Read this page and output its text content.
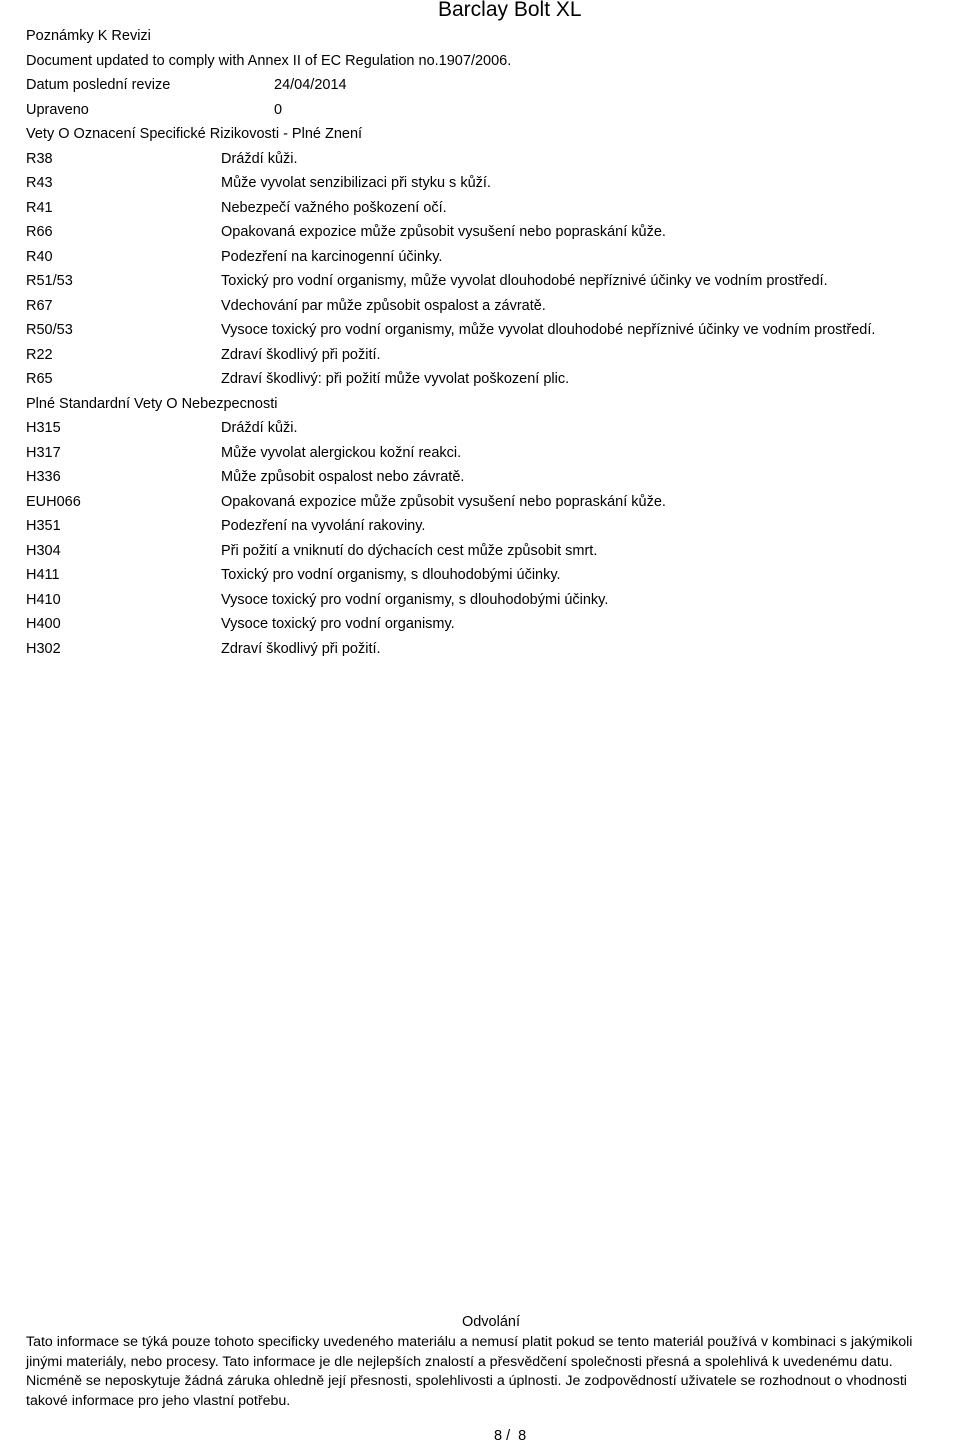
Barclay Bolt XL
Poznámky K Revizi
Document updated to comply with Annex II of EC Regulation no.1907/2006.
Datum poslední revize	24/04/2014
Upraveno	0
Vety O Oznacení Specifické Rizikovosti - Plné Znení
R38	Dráždí kůži.
R43	Může vyvolat senzibilizaci při styku s kůží.
R41	Nebezpečí važného poškození očí.
R66	Opakovaná expozice může způsobit vysušení nebo popraskání kůže.
R40	Podezření na karcinogenní účinky.
R51/53	Toxický pro vodní organismy, může vyvolat dlouhodobé nepříznivé účinky ve vodním prostředí.
R67	Vdechování par může způsobit ospalost a závratě.
R50/53	Vysoce toxický pro vodní organismy, může vyvolat dlouhodobé nepříznivé účinky ve vodním prostředí.
R22	Zdraví škodlivý při požití.
R65	Zdraví škodlivý: při požití může vyvolat poškození plic.
Plné Standardní Vety O Nebezpecnosti
H315	Dráždí kůži.
H317	Může vyvolat alergickou kožní reakci.
H336	Může způsobit ospalost nebo závratě.
EUH066	Opakovaná expozice může způsobit vysušení nebo popraskání kůže.
H351	Podezření na vyvolání rakoviny.
H304	Při požití a vniknutí do dýchacích cest může způsobit smrt.
H411	Toxický pro vodní organismy, s dlouhodobými účinky.
H410	Vysoce toxický pro vodní organismy, s dlouhodobými účinky.
H400	Vysoce toxický pro vodní organismy.
H302	Zdraví škodlivý při požití.
Odvolání
Tato informace se týká pouze tohoto specificky uvedeného materiálu a nemusí platit pokud se tento materiál používá v kombinaci s jakýmikoli jinými materiály, nebo procesy. Tato informace je dle nejlepších znalostí a přesvědčení společnosti přesná a spolehlivá k uvedenému datu. Nicméně se neposkytuje žádná záruka ohledně její přesnosti, spolehlivosti a úplnosti. Je zodpovědností uživatele se rozhodnout o vhodnosti takové informace pro jeho vlastní potřebu.
8 /  8
